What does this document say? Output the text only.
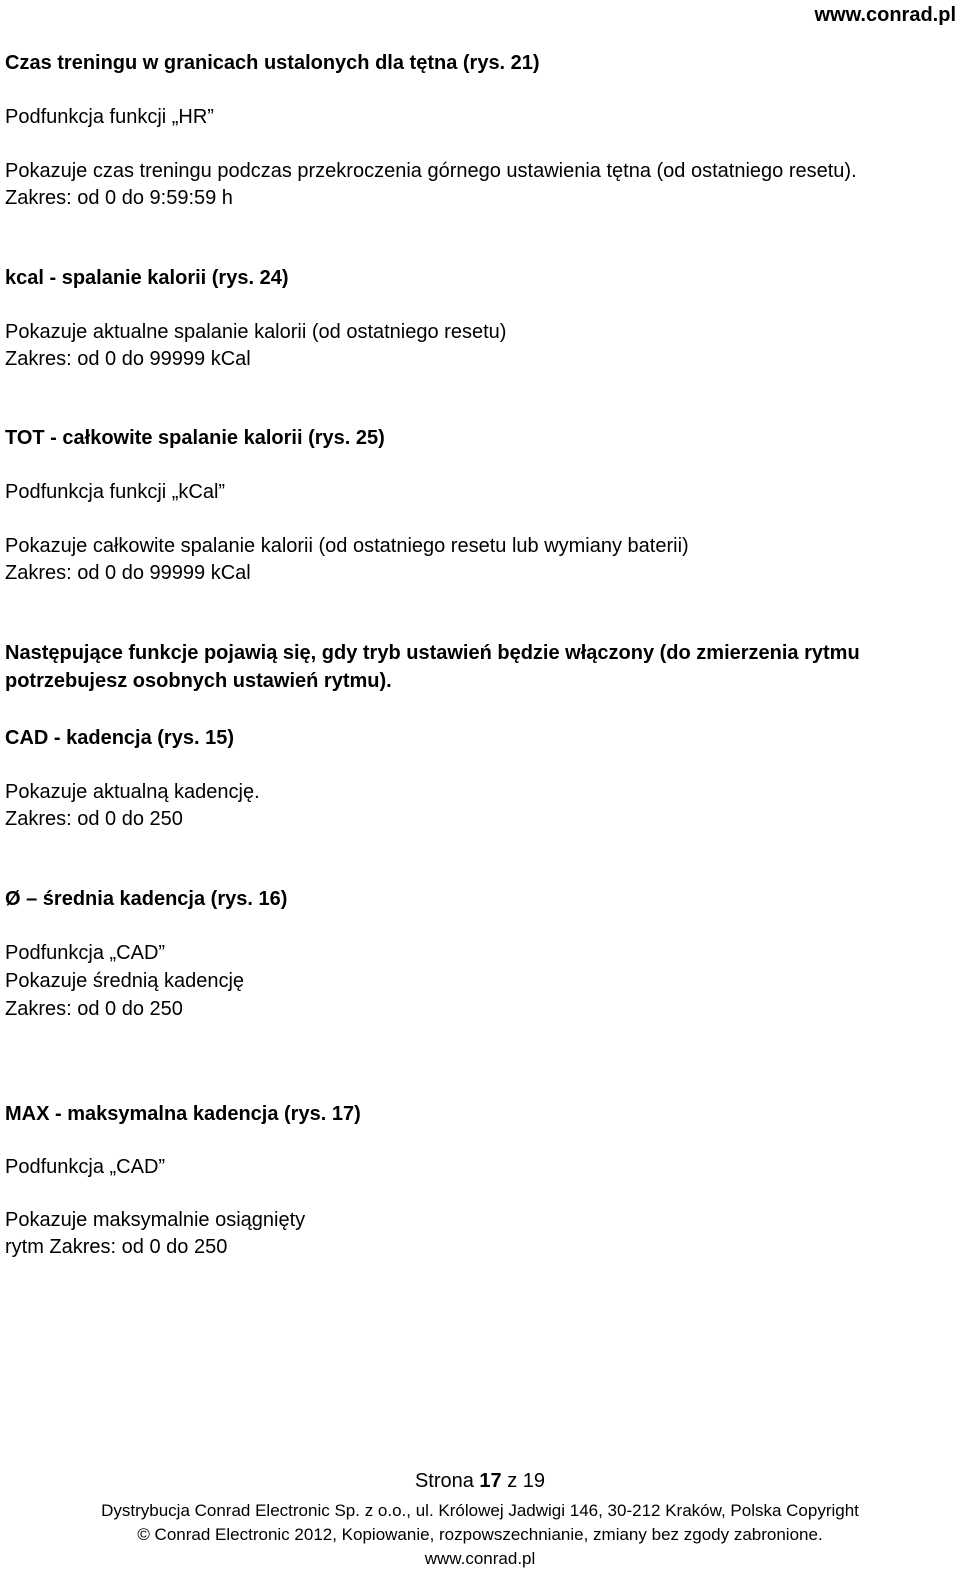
www.conrad.pl
Czas treningu w granicach ustalonych dla tętna (rys. 21)
Podfunkcja funkcji „HR”
Pokazuje czas treningu podczas przekroczenia górnego ustawienia tętna (od ostatniego resetu).
Zakres: od 0 do 9:59:59 h
kcal - spalanie kalorii (rys. 24)
Pokazuje aktualne spalanie kalorii (od ostatniego resetu)
Zakres: od 0 do 99999 kCal
TOT - całkowite spalanie kalorii (rys. 25)
Podfunkcja funkcji „kCal”
Pokazuje całkowite spalanie kalorii (od ostatniego resetu lub wymiany baterii)
Zakres: od 0 do 99999 kCal
Następujące funkcje pojawią się, gdy tryb ustawień będzie włączony (do zmierzenia rytmu
potrzebujesz osobnych ustawień rytmu).
CAD - kadencja (rys. 15)
Pokazuje aktualną kadencję.
Zakres: od 0 do 250
Ø – średnia kadencja (rys. 16)
Podfunkcja „CAD”
Pokazuje średnią kadencję
Zakres: od 0 do 250
MAX - maksymalna kadencja (rys. 17)
Podfunkcja „CAD”
Pokazuje maksymalnie osiągnięty
rytm Zakres: od 0 do 250
Strona 17 z 19
Dystrybucja Conrad Electronic Sp. z o.o., ul. Królowej Jadwigi 146, 30-212 Kraków, Polska Copyright
© Conrad Electronic 2012, Kopiowanie, rozpowszechnianie, zmiany bez zgody zabronione.
www.conrad.pl
